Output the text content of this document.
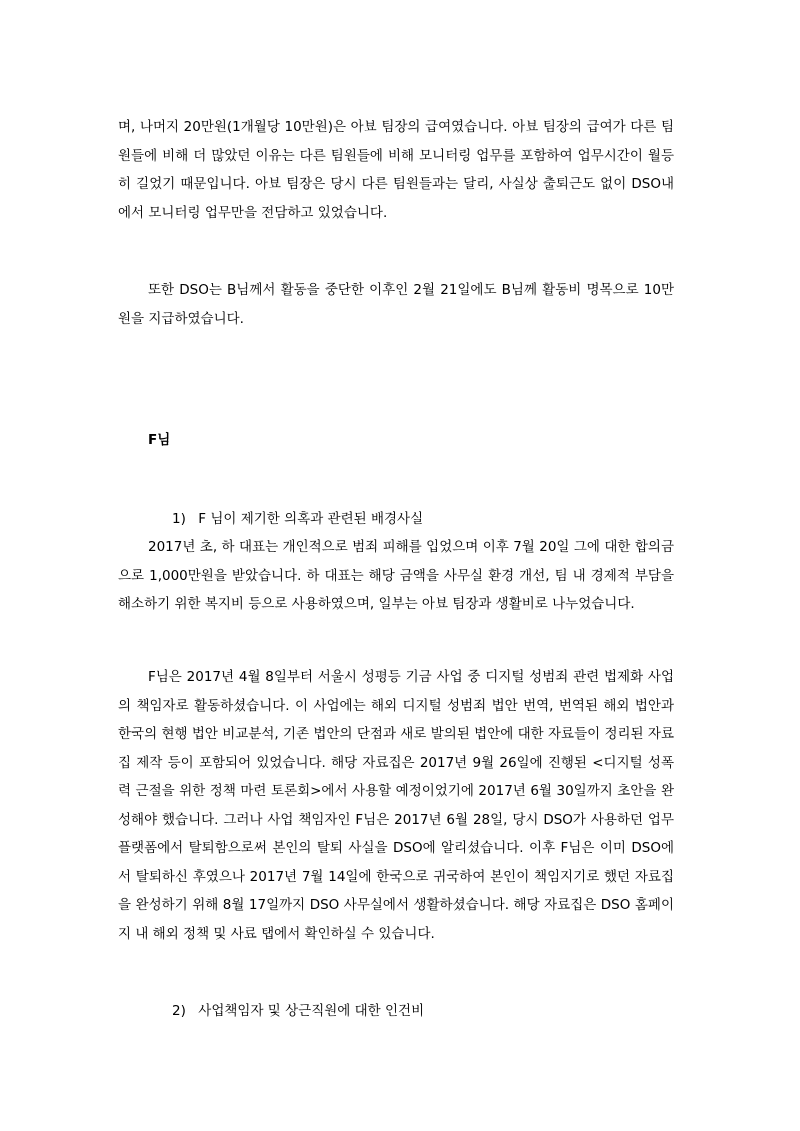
며, 나머지 20만원(1개월당 10만원)은 아뵤 팀장의 급여였습니다. 아뵤 팀장의 급여가 다른 팀원들에 비해 더 많았던 이유는 다른 팀원들에 비해 모니터링 업무를 포함하여 업무시간이 월등히 길었기 때문입니다. 아뵤 팀장은 당시 다른 팀원들과는 달리, 사실상 출퇴근도 없이 DSO내에서 모니터링 업무만을 전담하고 있었습니다.

또한 DSO는 B님께서 활동을 중단한 이후인 2월 21일에도 B님께 활동비 명목으로 10만원을 지급하였습니다.

F님

1) F 님이 제기한 의혹과 관련된 배경사실

2017년 초, 하 대표는 개인적으로 범죄 피해를 입었으며 이후 7월 20일 그에 대한 합의금으로 1,000만원을 받았습니다. 하 대표는 해당 금액을 사무실 환경 개선, 팀 내 경제적 부담을 해소하기 위한 복지비 등으로 사용하였으며, 일부는 아뵤 팀장과 생활비로 나누었습니다.

F님은 2017년 4월 8일부터 서울시 성평등 기금 사업 중 디지털 성범죄 관련 법제화 사업의 책임자로 활동하셨습니다. 이 사업에는 해외 디지털 성범죄 법안 번역, 번역된 해외 법안과 한국의 현행 법안 비교분석, 기존 법안의 단점과 새로 발의된 법안에 대한 자료들이 정리된 자료집 제작 등이 포함되어 있었습니다. 해당 자료집은 2017년 9월 26일에 진행된 <디지털 성폭력 근절을 위한 정책 마련 토론회>에서 사용할 예정이었기에 2017년 6월 30일까지 초안을 완성해야 했습니다. 그러나 사업 책임자인 F님은 2017년 6월 28일, 당시 DSO가 사용하던 업무 플랫폼에서 탈퇴함으로써 본인의 탈퇴 사실을 DSO에 알리셨습니다. 이후 F님은 이미 DSO에서 탈퇴하신 후였으나 2017년 7월 14일에 한국으로 귀국하여 본인이 책임지기로 했던 자료집을 완성하기 위해 8월 17일까지 DSO 사무실에서 생활하셨습니다. 해당 자료집은 DSO 홈페이지 내 해외 정책 및 사료 탭에서 확인하실 수 있습니다.

2) 사업책임자 및 상근직원에 대한 인건비
